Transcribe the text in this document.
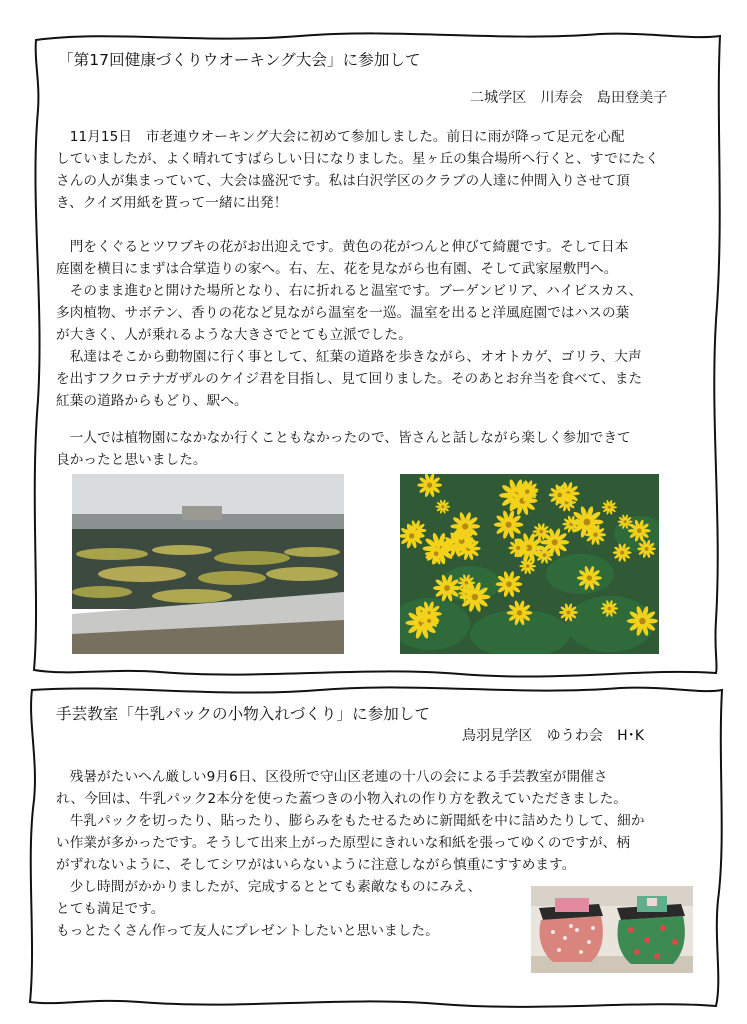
「第17回健康づくりウオーキング大会」に参加して
二城学区　川寿会　島田登美子
　11月15日　市老連ウオーキング大会に初めて参加しました。前日に雨が降って足元を心配
していましたが、よく晴れてすばらしい日になりました。星ヶ丘の集合場所へ行くと、すでにたく
さんの人が集まっていて、大会は盛況です。私は白沢学区のクラブの人達に仲間入りさせて頂
き、クイズ用紙を貰って一緒に出発！
　門をくぐるとツワブキの花がお出迎えです。黄色の花がつんと伸びて綺麗です。そして日本
庭園を横目にまずは合掌造りの家へ。右、左、花を見ながら也有園、そして武家屋敷門へ。
　そのまま進むと開けた場所となり、右に折れると温室です。ブーゲンビリア、ハイビスカス、
多肉植物、サボテン、香りの花など見ながら温室を一巡。温室を出ると洋風庭園ではハスの葉
が大きく、人が乗れるような大きさでとても立派でした。
　私達はそこから動物園に行く事として、紅葉の道路を歩きながら、オオトカゲ、ゴリラ、大声
を出すフクロテナガザルのケイジ君を目指し、見て回りました。そのあとお弁当を食べて、また
紅葉の道路からもどり、駅へ。
　一人では植物園になかなか行くこともなかったので、皆さんと話しながら楽しく参加できて
良かったと思いました。
手芸教室「牛乳パックの小物入れづくり」に参加して
鳥羽見学区　ゆうわ会　H･K
　残暑がたいへん厳しい9月6日、区役所で守山区老連の十八の会による手芸教室が開催さ
れ、今回は、牛乳パック2本分を使った蓋つきの小物入れの作り方を教えていただきました。
　牛乳パックを切ったり、貼ったり、膨らみをもたせるために新聞紙を中に詰めたりして、細か
い作業が多かったです。そうして出来上がった原型にきれいな和紙を張ってゆくのですが、柄
がずれないように、そしてシワがはいらないように注意しながら慎重にすすめます。
　少し時間がかかりましたが、完成するととても素敵なものにみえ、
とても満足です。
もっとたくさん作って友人にプレゼントしたいと思いました。
